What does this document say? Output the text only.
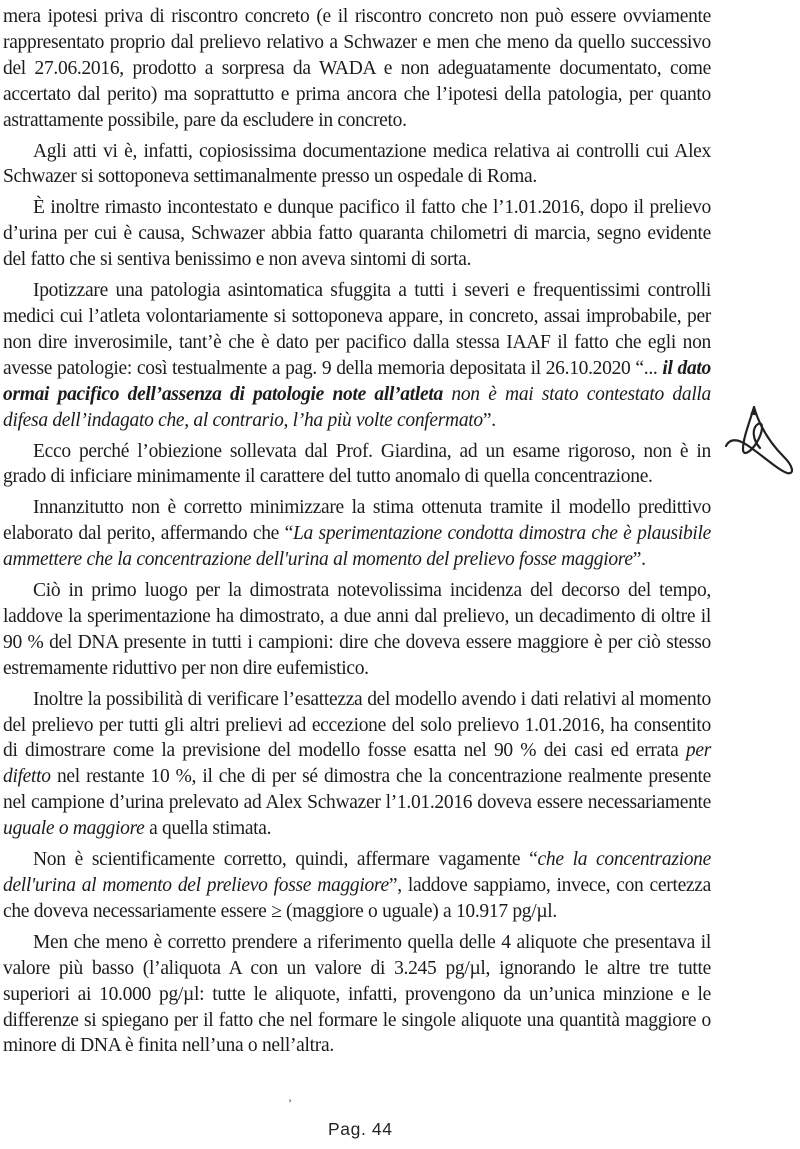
mera ipotesi priva di riscontro concreto (e il riscontro concreto non può essere ovviamente rappresentato proprio dal prelievo relativo a Schwazer e men che meno da quello successivo del 27.06.2016, prodotto a sorpresa da WADA e non adeguatamente documentato, come accertato dal perito) ma soprattutto e prima ancora che l’ipotesi della patologia, per quanto astrattamente possibile, pare da escludere in concreto.

Agli atti vi è, infatti, copiosissima documentazione medica relativa ai controlli cui Alex Schwazer si sottoponeva settimanalmente presso un ospedale di Roma.

È inoltre rimasto incontestato e dunque pacifico il fatto che l’1.01.2016, dopo il prelievo d’urina per cui è causa, Schwazer abbia fatto quaranta chilometri di marcia, segno evidente del fatto che si sentiva benissimo e non aveva sintomi di sorta.

Ipotizzare una patologia asintomatica sfuggita a tutti i severi e frequentissimi controlli medici cui l’atleta volontariamente si sottoponeva appare, in concreto, assai improbabile, per non dire inverosimile, tant’è che è dato per pacifico dalla stessa IAAF il fatto che egli non avesse patologie: così testualmente a pag. 9 della memoria depositata il 26.10.2020 “... il dato ormai pacifico dell’assenza di patologie note all’atleta non è mai stato contestato dalla difesa dell’indagato che, al contrario, l’ha più volte confermato”.

Ecco perché l’obiezione sollevata dal Prof. Giardina, ad un esame rigoroso, non è in grado di inficiare minimamente il carattere del tutto anomalo di quella concentrazione.

Innanzitutto non è corretto minimizzare la stima ottenuta tramite il modello predittivo elaborato dal perito, affermando che “La sperimentazione condotta dimostra che è plausibile ammettere che la concentrazione dell'urina al momento del prelievo fosse maggiore”.

Ciò in primo luogo per la dimostrata notevolissima incidenza del decorso del tempo, laddove la sperimentazione ha dimostrato, a due anni dal prelievo, un decadimento di oltre il 90 % del DNA presente in tutti i campioni: dire che doveva essere maggiore è per ciò stesso estremamente riduttivo per non dire eufemistico.

Inoltre la possibilità di verificare l’esattezza del modello avendo i dati relativi al momento del prelievo per tutti gli altri prelievi ad eccezione del solo prelievo 1.01.2016, ha consentito di dimostrare come la previsione del modello fosse esatta nel 90 % dei casi ed errata per difetto nel restante 10 %, il che di per sé dimostra che la concentrazione realmente presente nel campione d’urina prelevato ad Alex Schwazer l’1.01.2016 doveva essere necessariamente uguale o maggiore a quella stimata.

Non è scientificamente corretto, quindi, affermare vagamente “che la concentrazione dell'urina al momento del prelievo fosse maggiore”, laddove sappiamo, invece, con certezza che doveva necessariamente essere ≥ (maggiore o uguale) a 10.917 pg/µl.

Men che meno è corretto prendere a riferimento quella delle 4 aliquote che presentava il valore più basso (l’aliquota A con un valore di 3.245 pg/µl, ignorando le altre tre tutte superiori ai 10.000 pg/µl: tutte le aliquote, infatti, provengono da un’unica minzione e le differenze si spiegano per il fatto che nel formare le singole aliquote una quantità maggiore o minore di DNA è finita nell’una o nell’altra.

’
Pag. 44
